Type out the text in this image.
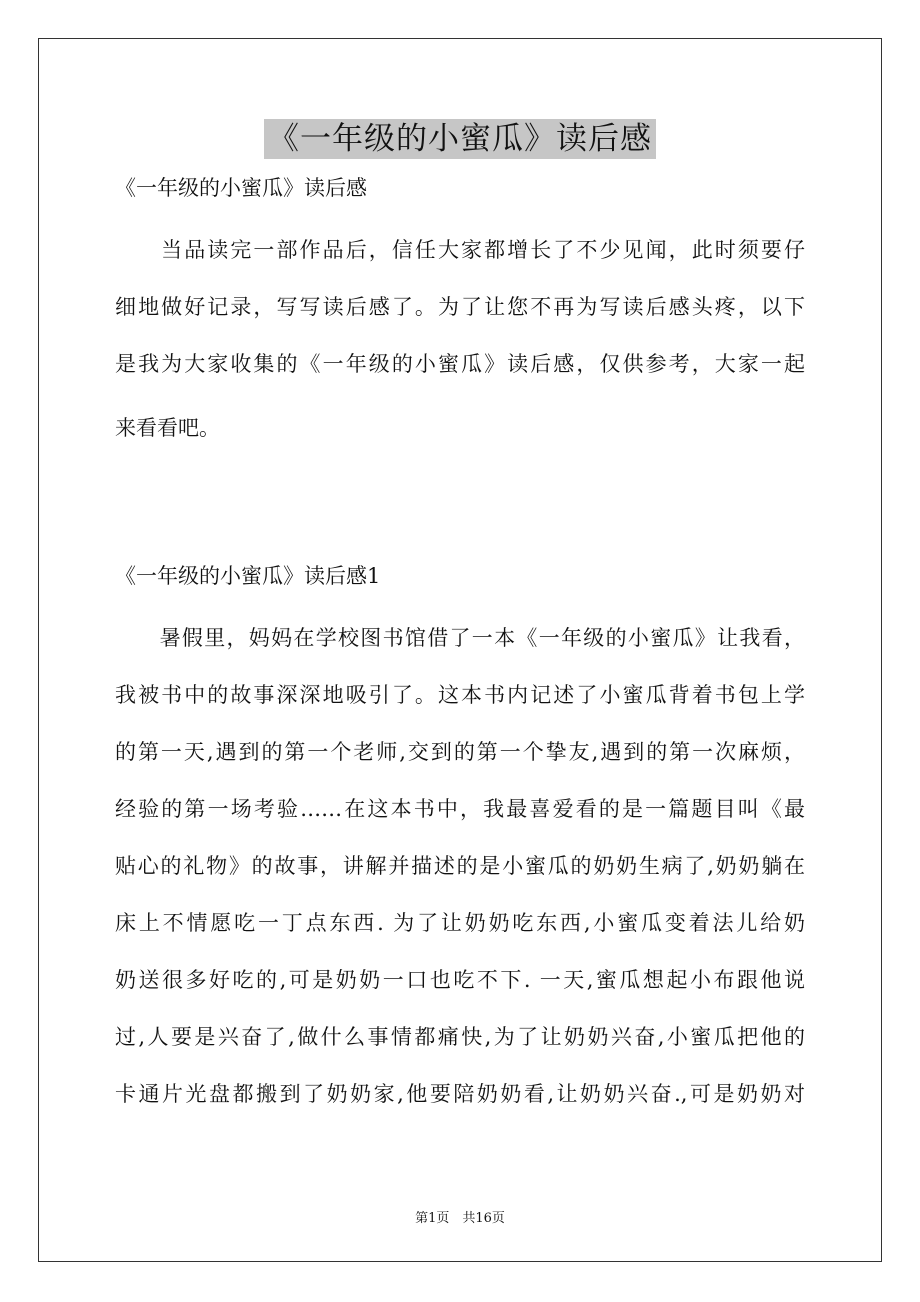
《一年级的小蜜瓜》读后感
《一年级的小蜜瓜》读后感
　　当品读完一部作品后，信任大家都增长了不少见闻，此时须要仔
细地做好记录，写写读后感了。为了让您不再为写读后感头疼，以下
是我为大家收集的《一年级的小蜜瓜》读后感，仅供参考，大家一起
来看看吧。
《一年级的小蜜瓜》读后感1
　　暑假里，妈妈在学校图书馆借了一本《一年级的小蜜瓜》让我看，
我被书中的故事深深地吸引了。这本书内记述了小蜜瓜背着书包上学
的第一天,遇到的第一个老师,交到的第一个挚友,遇到的第一次麻烦，
经验的第一场考验……在这本书中，我最喜爱看的是一篇题目叫《最
贴心的礼物》的故事，讲解并描述的是小蜜瓜的奶奶生病了,奶奶躺在
床上不情愿吃一丁点东西. 为了让奶奶吃东西,小蜜瓜变着法儿给奶
奶送很多好吃的,可是奶奶一口也吃不下. 一天,蜜瓜想起小布跟他说
过,人要是兴奋了,做什么事情都痛快,为了让奶奶兴奋,小蜜瓜把他的
卡通片光盘都搬到了奶奶家,他要陪奶奶看,让奶奶兴奋.,可是奶奶对
第1页　共16页
